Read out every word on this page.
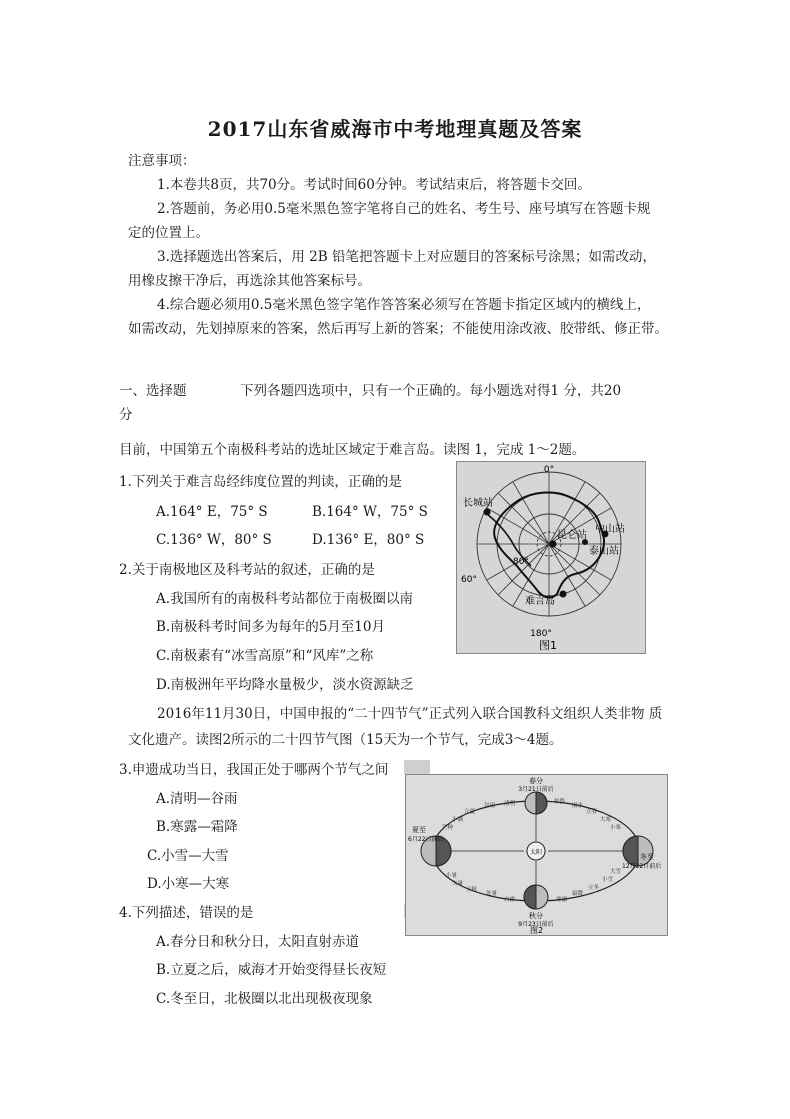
2017山东省威海市中考地理真题及答案
注意事项：
1.本卷共8页，共70分。考试时间60分钟。考试结束后，将答题卡交回。
2.答题前，务必用0.5毫米黑色签字笔将自己的姓名、考生号、座号填写在答题卡规
定的位置上。
3.选择题选出答案后，用 2B 铅笔把答题卡上对应题目的答案标号涂黑；如需改动，
用橡皮擦干净后，再选涂其他答案标号。
4.综合题必须用0.5毫米黑色签字笔作答答案必须写在答题卡指定区域内的横线上，
如需改动，先划掉原来的答案，然后再写上新的答案；不能使用涂改液、胶带纸、修正带。
一、选择题	下列各题四选项中，只有一个正确的。每小题选对得1 分，共20
分
目前，中国第五个南极科考站的选址区域定于难言岛。读图 1，完成 1～2题。
1.下列关于难言岛经纬度位置的判读，正确的是
A.164° E，75° S	B.164° W，75° S
C.136° W，80° S	D.136° E，80° S
2.关于南极地区及科考站的叙述，正确的是
A.我国所有的南极科考站都位于南极圈以南
B.南极科考时间多为每年的5月至10月
C.南极素有“冰雪高原”和“风库”之称
D.南极洲年平均降水量极少，淡水资源缺乏
2016年11月30日，中国申报的“二十四节气”正式列入联合国教科文组织人类非物 质
文化遗产。读图2所示的二十四节气图（15天为一个节气，完成3～4题。
3.申遗成功当日，我国正处于哪两个节气之间
A.清明—谷雨
B.寒露—霜降
C.小雪—大雪
D.小寒—大寒
4.下列描述，错误的是
A.春分日和秋分日，太阳直射赤道
B.立夏之后，威海才开始变得昼长夜短
C.冬至日，北极圈以北出现极夜现象
0°
180°
80°
60°
长城站
昆仑站
中山站
泰山站
难言岛
图1
太阳
春分
3月21日前后
夏至
6月22日前后
秋分
9月23日前后
冬至
12月22日前后
清明
谷雨
立夏
小满
芒种
小暑
大暑
立秋
处暑
白露	寒露
霜降
立冬
小雪
大雪
小寒
大寒
立春
雨水
惊蛰
图2
